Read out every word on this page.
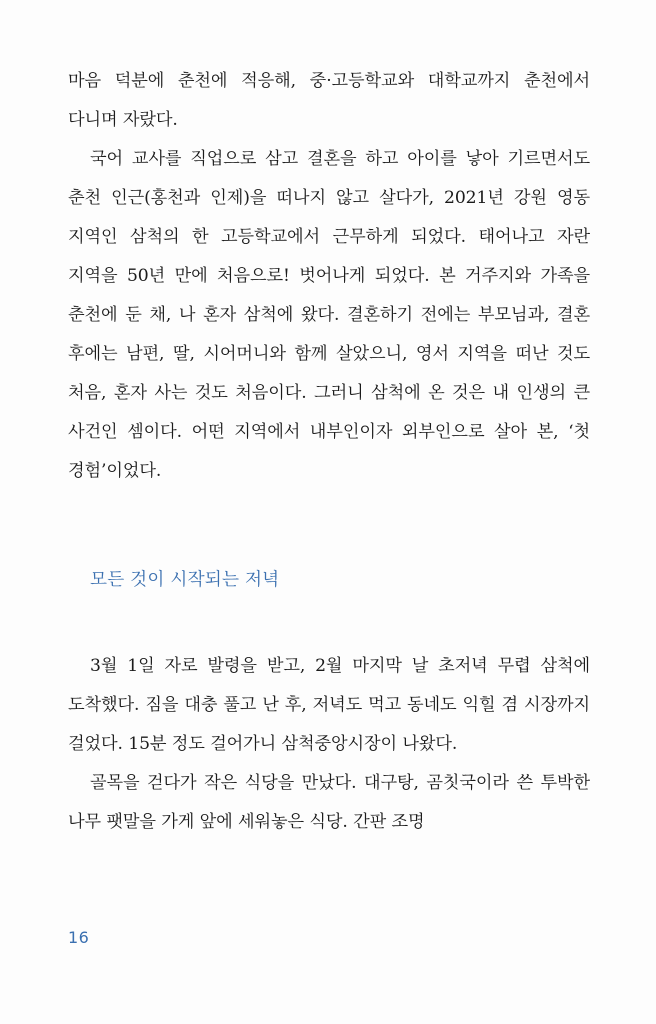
마음 덕분에 춘천에 적응해, 중·고등학교와 대학교까지 춘천에서 다니며 자랐다.

국어 교사를 직업으로 삼고 결혼을 하고 아이를 낳아 기르면서도 춘천 인근(홍천과 인제)을 떠나지 않고 살다가, 2021년 강원 영동 지역인 삼척의 한 고등학교에서 근무하게 되었다. 태어나고 자란 지역을 50년 만에 처음으로! 벗어나게 되었다. 본 거주지와 가족을 춘천에 둔 채, 나 혼자 삼척에 왔다. 결혼하기 전에는 부모님과, 결혼 후에는 남편, 딸, 시어머니와 함께 살았으니, 영서 지역을 떠난 것도 처음, 혼자 사는 것도 처음이다. 그러니 삼척에 온 것은 내 인생의 큰 사건인 셈이다. 어떤 지역에서 내부인이자 외부인으로 살아 본, ‘첫 경험’이었다.

모든 것이 시작되는 저녁

3월 1일 자로 발령을 받고, 2월 마지막 날 초저녁 무렵 삼척에 도착했다. 짐을 대충 풀고 난 후, 저녁도 먹고 동네도 익힐 겸 시장까지 걸었다. 15분 정도 걸어가니 삼척중앙시장이 나왔다.

골목을 걷다가 작은 식당을 만났다. 대구탕, 곰칫국이라 쓴 투박한 나무 팻말을 가게 앞에 세워놓은 식당. 간판 조명

16
